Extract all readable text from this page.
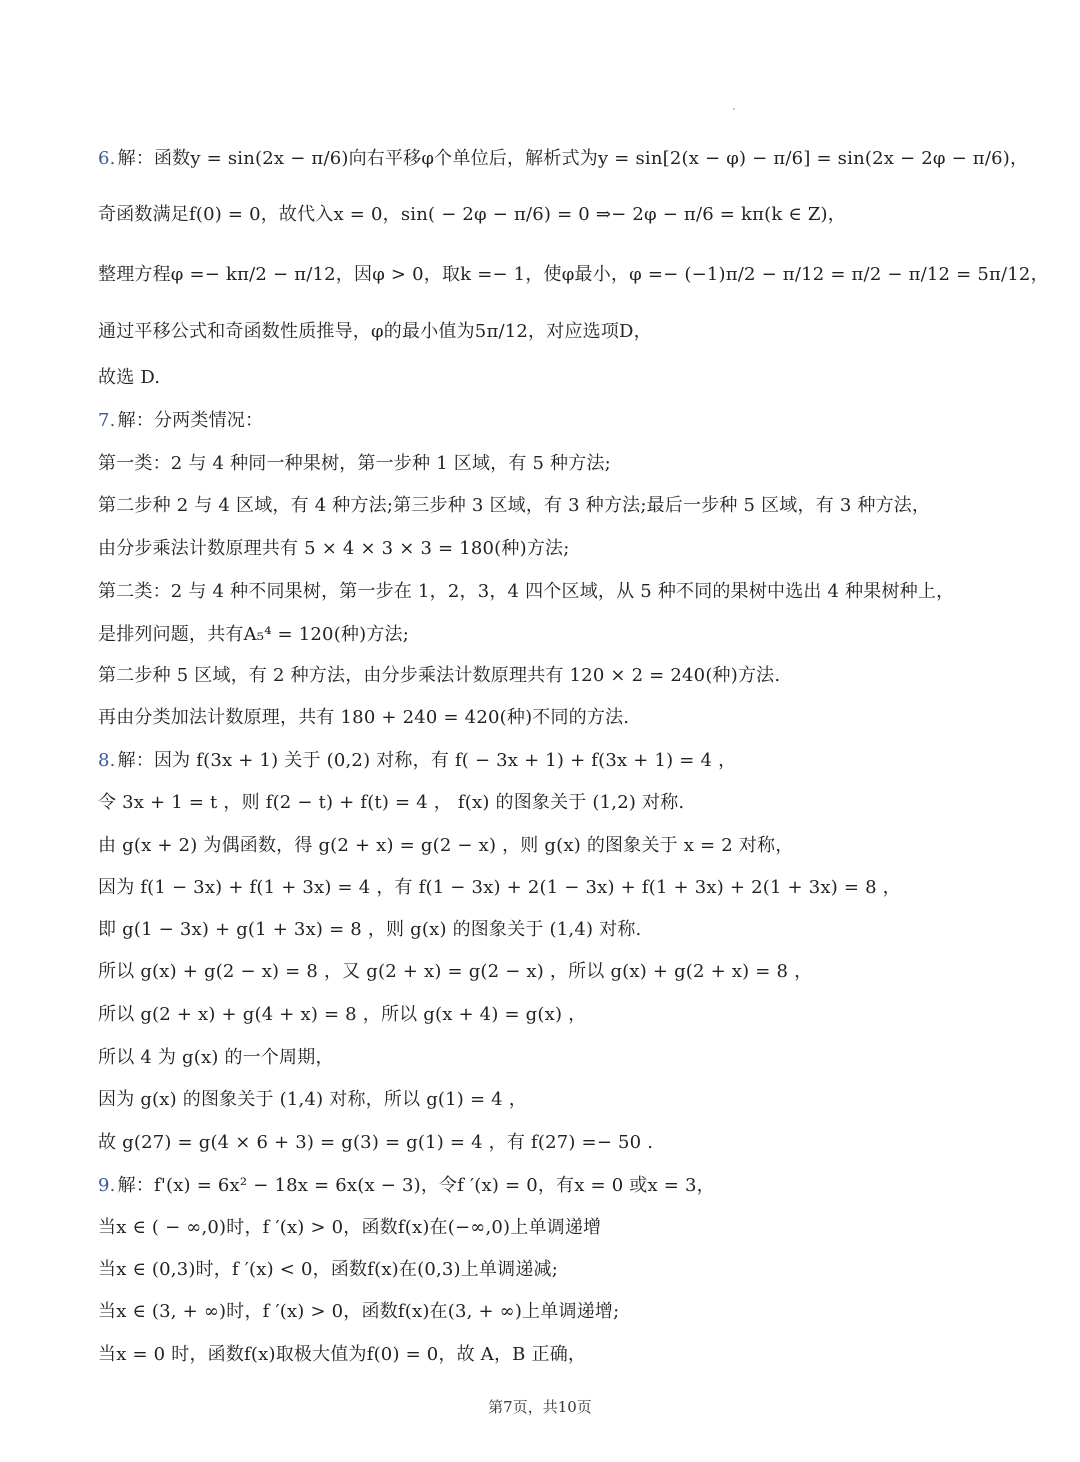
6. 解：函数y = sin(2x − π/6)向右平移φ个单位后，解析式为y = sin[2(x − φ) − π/6] = sin(2x − 2φ − π/6)，
奇函数满足f(0) = 0，故代入x = 0，sin( − 2φ − π/6) = 0 ⇒− 2φ − π/6 = kπ(k ∈ Z)，
整理方程φ =− kπ/2 − π/12，因φ > 0，取k =− 1，使φ最小，φ =− (−1)π/2 − π/12 = π/2 − π/12 = 5π/12，
通过平移公式和奇函数性质推导，φ的最小值为5π/12，对应选项D，
故选 D.
7. 解：分两类情况：
第一类：2 与 4 种同一种果树，第一步种 1 区域，有 5 种方法;
第二步种 2 与 4 区域，有 4 种方法;第三步种 3 区域，有 3 种方法;最后一步种 5 区域，有 3 种方法，
由分步乘法计数原理共有 5 × 4 × 3 × 3 = 180(种)方法;
第二类：2 与 4 种不同果树，第一步在 1，2，3，4 四个区域，从 5 种不同的果树中选出 4 种果树种上，
是排列问题，共有A₅⁴ = 120(种)方法;
第二步种 5 区域，有 2 种方法，由分步乘法计数原理共有 120 × 2 = 240(种)方法.
再由分类加法计数原理，共有 180 + 240 = 420(种)不同的方法.
8. 解：因为 f(3x + 1) 关于 (0,2) 对称，有 f( − 3x + 1) + f(3x + 1) = 4 ，
令 3x + 1 = t ，则 f(2 − t) + f(t) = 4 ， f(x) 的图象关于 (1,2) 对称.
由 g(x + 2) 为偶函数，得 g(2 + x) = g(2 − x) ，则 g(x) 的图象关于 x = 2 对称，
因为 f(1 − 3x) + f(1 + 3x) = 4 ，有 f(1 − 3x) + 2(1 − 3x) + f(1 + 3x) + 2(1 + 3x) = 8 ，
即 g(1 − 3x) + g(1 + 3x) = 8 ，则 g(x) 的图象关于 (1,4) 对称.
所以 g(x) + g(2 − x) = 8 ，又 g(2 + x) = g(2 − x) ，所以 g(x) + g(2 + x) = 8 ，
所以 g(2 + x) + g(4 + x) = 8 ，所以 g(x + 4) = g(x) ，
所以 4 为 g(x) 的一个周期，
因为 g(x) 的图象关于 (1,4) 对称，所以 g(1) = 4 ，
故 g(27) = g(4 × 6 + 3) = g(3) = g(1) = 4 ，有 f(27) =− 50 .
9. 解：f'(x) = 6x² − 18x = 6x(x − 3)，令f ′(x) = 0，有x = 0 或x = 3，
当x ∈ ( − ∞,0)时，f ′(x) > 0，函数f(x)在(−∞,0)上单调递增
当x ∈ (0,3)时，f ′(x) < 0，函数f(x)在(0,3)上单调递减;
当x ∈ (3, + ∞)时，f ′(x) > 0，函数f(x)在(3, + ∞)上单调递增;
当x = 0 时，函数f(x)取极大值为f(0) = 0，故 A，B 正确，
第7页，共10页
